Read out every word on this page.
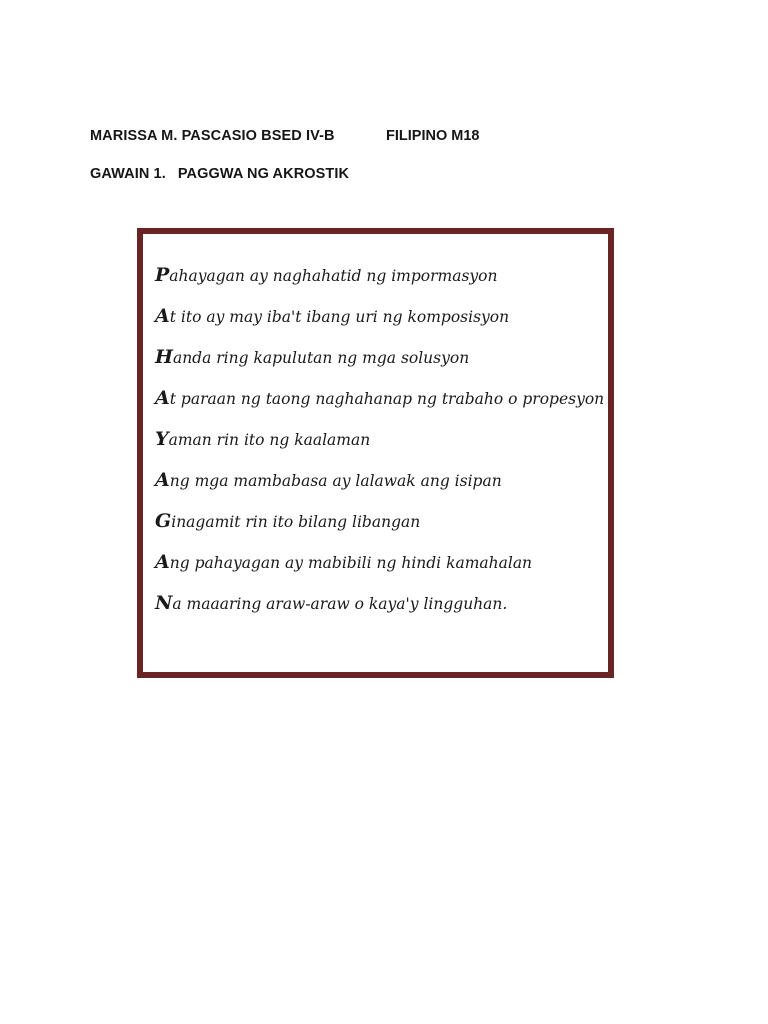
MARISSA M. PASCASIO BSED IV-B	FILIPINO M18
GAWAIN 1. PAGGWA NG AKROSTIK
Pahayagan ay naghahatid ng impormasyon
At ito ay may iba't ibang uri ng komposisyon
Handa ring kapulutan ng mga solusyon
At paraan ng taong naghahanap ng trabaho o propesyon
Yaman rin ito ng kaalaman
Ang mga mambabasa ay lalawak ang isipan
Ginagamit rin ito bilang libangan
Ang pahayagan ay mabibili ng hindi kamahalan
Na maaaring araw-araw o kaya'y lingguhan.
